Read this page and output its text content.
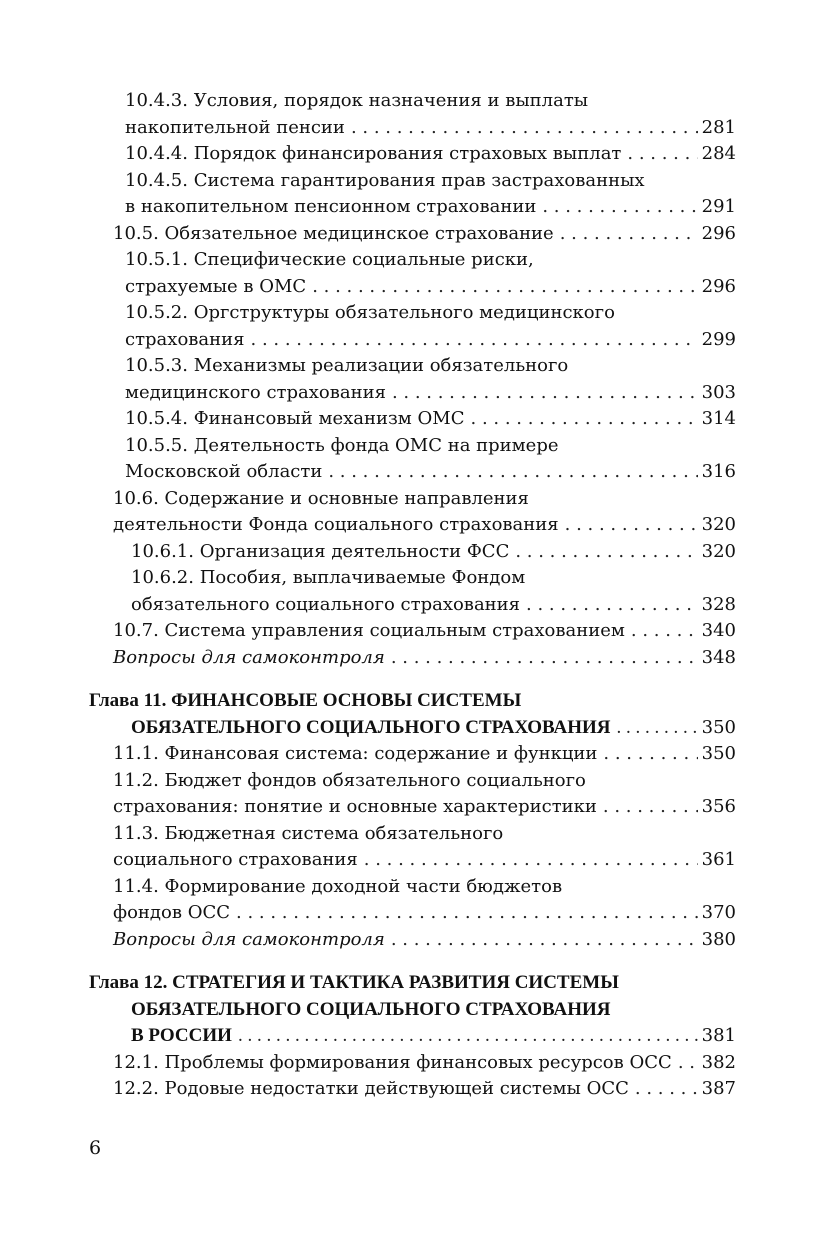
10.4.3. Условия, порядок назначения и выплаты
накопительной пенсии . . .	281
10.4.4. Порядок финансирования страховых выплат . . .	284
10.4.5. Система гарантирования прав застрахованных
в накопительном пенсионном страховании . . .	291
10.5. Обязательное медицинское страхование . . .	296
10.5.1. Специфические социальные риски,
страхуемые в ОМС . . .	296
10.5.2. Оргструктуры обязательного медицинского
страхования . . .	299
10.5.3. Механизмы реализации обязательного
медицинского страхования . . .	303
10.5.4. Финансовый механизм ОМС . . .	314
10.5.5. Деятельность фонда ОМС на примере
Московской области . . .	316
10.6. Содержание и основные направления
деятельности Фонда социального страхования . . .	320
10.6.1. Организация деятельности ФСС . . .	320
10.6.2. Пособия, выплачиваемые Фондом
обязательного социального страхования . . .	328
10.7. Система управления социальным страхованием . . .	340
Вопросы для самоконтроля . . .	348
Глава 11. ФИНАНСОВЫЕ ОСНОВЫ СИСТЕМЫ
ОБЯЗАТЕЛЬНОГО СОЦИАЛЬНОГО СТРАХОВАНИЯ . . .	350
11.1. Финансовая система: содержание и функции . . .	350
11.2. Бюджет фондов обязательного социального
страхования: понятие и основные характеристики . . .	356
11.3. Бюджетная система обязательного
социального страхования . . .	361
11.4. Формирование доходной части бюджетов
фондов ОСС . . .	370
Вопросы для самоконтроля . . .	380
Глава 12. СТРАТЕГИЯ И ТАКТИКА РАЗВИТИЯ СИСТЕМЫ
ОБЯЗАТЕЛЬНОГО СОЦИАЛЬНОГО СТРАХОВАНИЯ
В РОССИИ . . .	381
12.1. Проблемы формирования финансовых ресурсов ОСС . . . 382
12.2. Родовые недостатки действующей системы ОСС . . .	387
6
